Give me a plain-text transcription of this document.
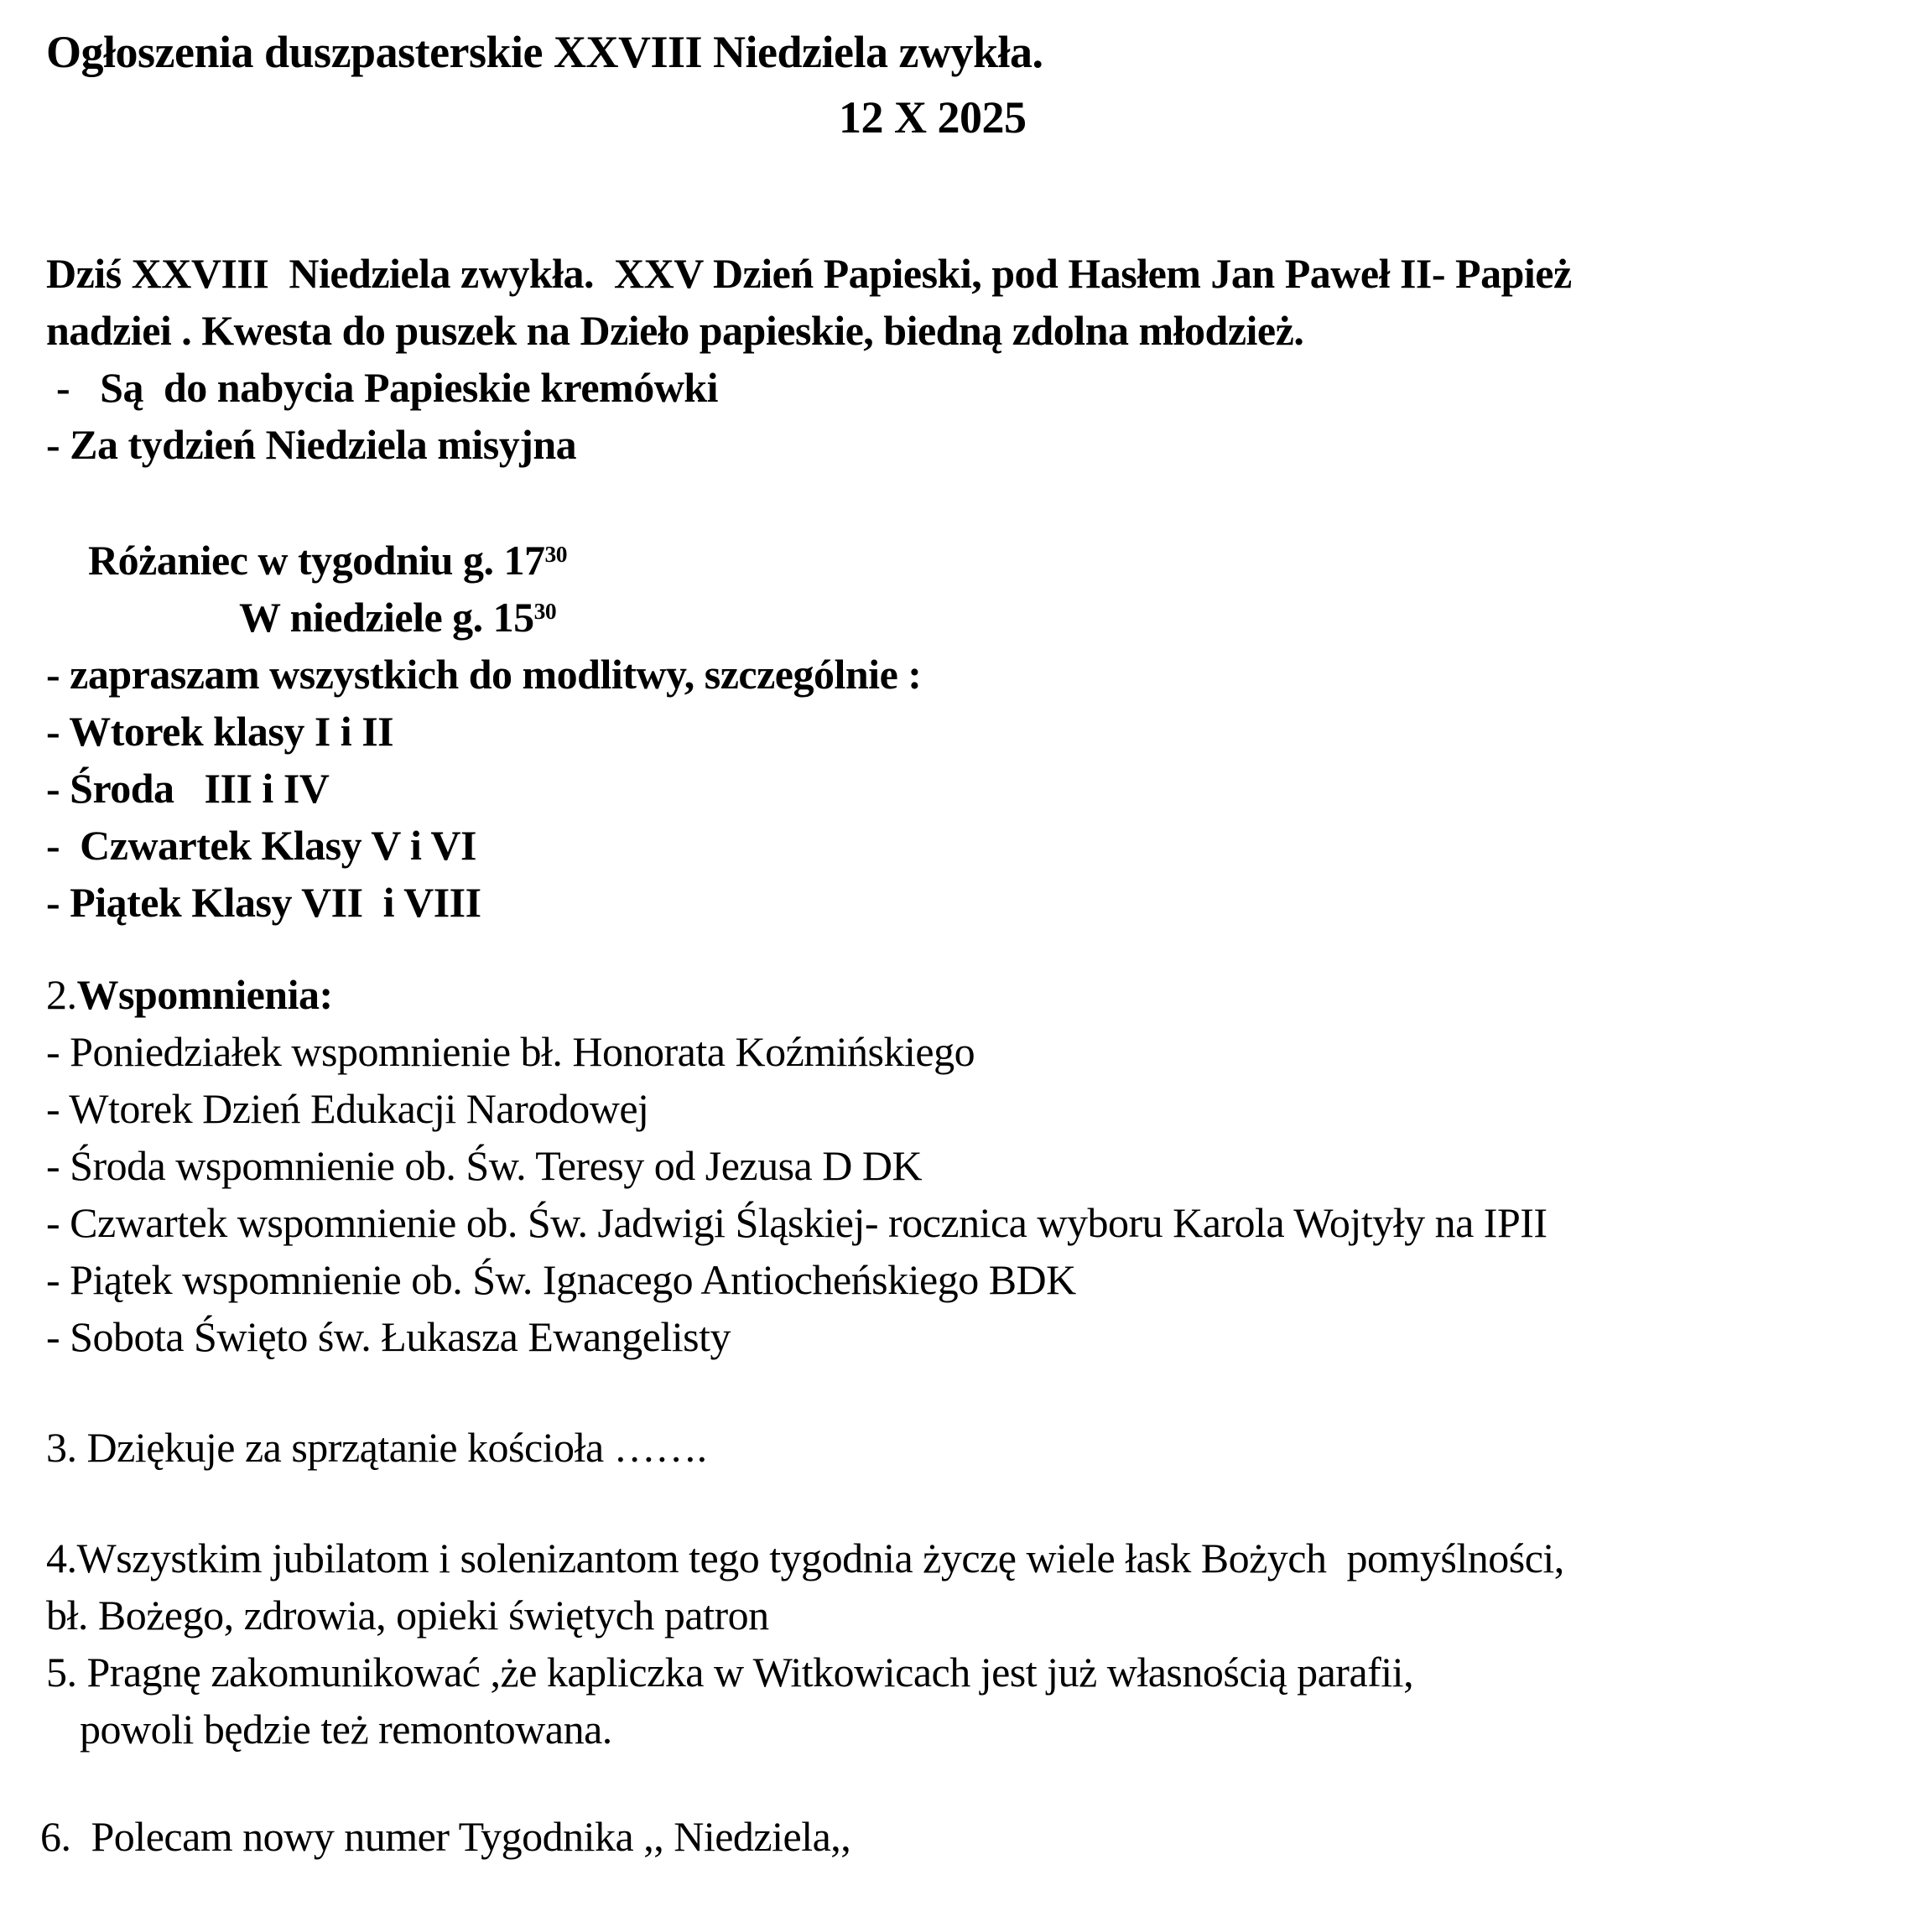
Ogłoszenia duszpasterskie XXVIII Niedziela zwykła.
12 X 2025
Dziś XXVIII  Niedziela zwykła.  XXV Dzień Papieski, pod Hasłem Jan Paweł II- Papież
nadziei . Kwesta do puszek na Dzieło papieskie, biedną zdolna młodzież.
-   Są  do nabycia Papieskie kremówki
- Za tydzień Niedziela misyjna
Różaniec w tygodniu g. $17^{30}$
W niedziele g. $15^{30}$
- zapraszam wszystkich do modlitwy, szczególnie :
- Wtorek klasy I i II
- Środa   III i IV
-  Czwartek Klasy V i VI
- Piątek Klasy VII  i VIII
2.Wspomnienia:
- Poniedziałek wspomnienie bł. Honorata Koźmińskiego
- Wtorek Dzień Edukacji Narodowej
- Środa wspomnienie ob. Św. Teresy od Jezusa D DK
- Czwartek wspomnienie ob. Św. Jadwigi Śląskiej- rocznica wyboru Karola Wojtyły na IPII
- Piątek wspomnienie ob. Św. Ignacego Antiocheńskiego BDK
- Sobota Święto św. Łukasza Ewangelisty
3. Dziękuje za sprzątanie kościoła …….
4.Wszystkim jubilatom i solenizantom tego tygodnia życzę wiele łask Bożych  pomyślności,
bł. Bożego, zdrowia, opieki świętych patron
5. Pragnę zakomunikować ,że kapliczka w Witkowicach jest już własnością parafii,
powoli będzie też remontowana.
6.  Polecam nowy numer Tygodnika ,, Niedziela,,
